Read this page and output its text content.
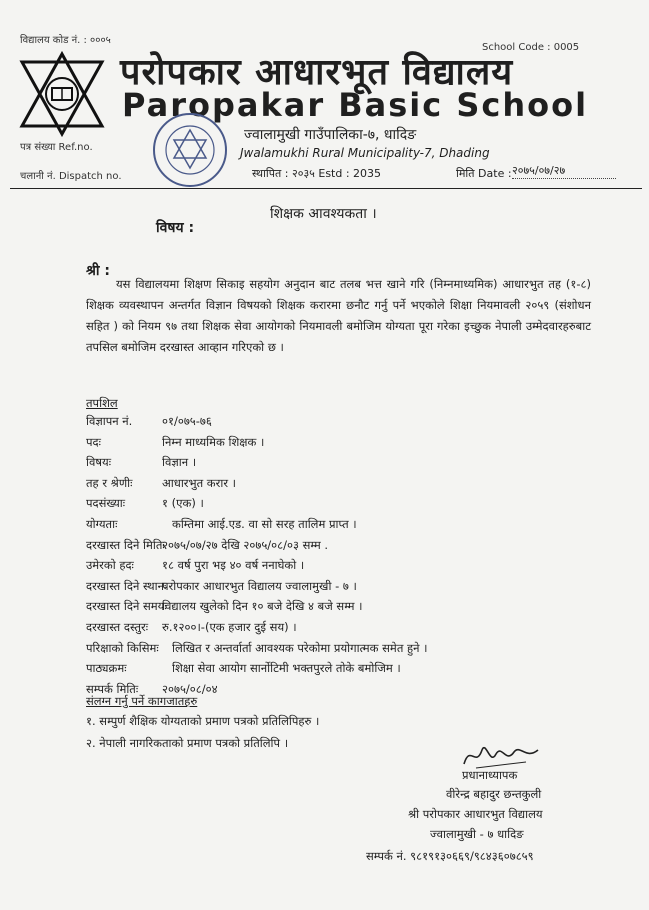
विद्यालय कोड नं. : ०००५
School Code : 0005
परोपकार आधारभूत विद्यालय
Paropakar Basic School
ज्वालामुखी गाउँपालिका-७, धादिङ
Jwalamukhi Rural Municipality-7, Dhading
पत्र संख्या Ref.no.
चलानी नं. Dispatch no.	स्थापित : २०३५ Estd : 2035	मिति Date : २०७५/०७/२७
शिक्षक आवश्यकता ।
विषय :
श्री :
यस विद्यालयमा शिक्षण सिकाइ सहयोग अनुदान बाट तलब भत्त खाने गरि (निम्नमाध्यमिक) आधारभुत तह (१-८) शिक्षक व्यवस्थापन अन्तर्गत विज्ञान विषयको शिक्षक करारमा छनौट गर्नु पर्ने भएकोले शिक्षा नियमावली २०५९ (संशोधन सहित ) को नियम ९७ तथा शिक्षक सेवा आयोगको नियमावली बमोजिम योग्यता पूरा गरेका इच्छुक नेपाली उम्मेदवारहरुबाट तपसिल बमोजिम दरखास्त आव्हान गरिएको छ ।
तपशिल
विज्ञापन नं.	०१/०७५-७६
पदः	निम्न माध्यमिक शिक्षक ।
विषयः	विज्ञान ।
तह र श्रेणीः	आधारभुत करार ।
पदसंख्याः	१ (एक) ।
योग्यताः	कम्तिमा आई.एड. वा सो सरह तालिम प्राप्त ।
दरखास्त दिने मितिः
२०७५/०७/२७ देखि २०७५/०८/०३ सम्म .
उमेरको हदः १८ वर्ष पुरा भइ ४० वर्ष ननाघेको ।
दरखास्त दिने स्थानः
परोपकार आधारभुत विद्यालय ज्वालामुखी - ७ ।
दरखास्त दिने समयः
विद्यालय खुलेको दिन १० बजे देखि ४ बजे सम्म ।
दरखास्त दस्तुरः रु.१२००।-(एक हजार दुई सय) ।
परिक्षाको किसिमः लिखित र अन्तर्वार्ता आवश्यक परेकोमा प्रयोगात्मक समेत हुने ।
पाठ्यक्रमः	शिक्षा सेवा आयोग सार्नोटिमी भक्तपुरले तोके बमोजिम ।
सम्पर्क मितिः २०७५/०८/०४
संलग्न गर्नु पर्ने कागजातहरु
१. सम्पुर्ण शैक्षिक योग्यताको प्रमाण पत्रको प्रतिलिपिहरु ।
२. नेपाली नागरिकताको प्रमाण पत्रको प्रतिलिपि ।
प्रधानाध्यापक
वीरेन्द्र बहादुर छन्तकुली
श्री परोपकार आधारभुत विद्यालय
ज्वालामुखी - ७ धादिङ
सम्पर्क नं. ९८१९१३०६६९/९८४३६०७८५९
